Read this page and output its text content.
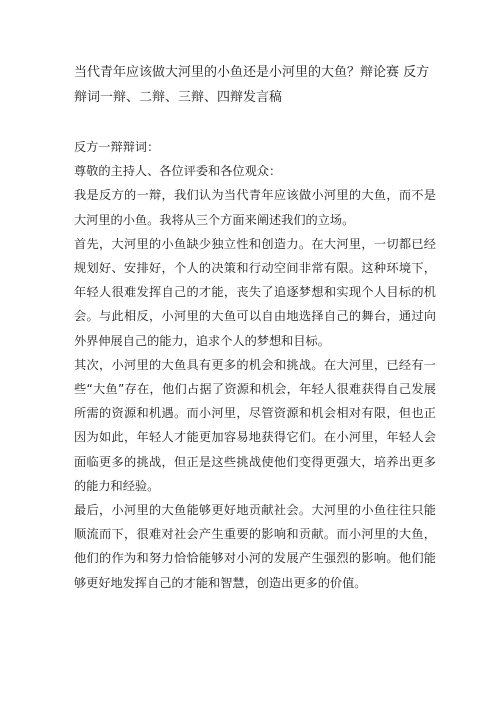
当代青年应该做大河里的小鱼还是小河里的大鱼？辩论赛 反方辩词一辩、二辩、三辩、四辩发言稿

反方一辩辩词：

尊敬的主持人、各位评委和各位观众：

我是反方的一辩，我们认为当代青年应该做小河里的大鱼，而不是大河里的小鱼。我将从三个方面来阐述我们的立场。

首先，大河里的小鱼缺少独立性和创造力。在大河里，一切都已经规划好、安排好，个人的决策和行动空间非常有限。这种环境下，年轻人很难发挥自己的才能，丧失了追逐梦想和实现个人目标的机会。与此相反，小河里的大鱼可以自由地选择自己的舞台，通过向外界伸展自己的能力，追求个人的梦想和目标。

其次，小河里的大鱼具有更多的机会和挑战。在大河里，已经有一些“大鱼”存在，他们占据了资源和机会，年轻人很难获得自己发展所需的资源和机遇。而小河里，尽管资源和机会相对有限，但也正因为如此，年轻人才能更加容易地获得它们。在小河里，年轻人会面临更多的挑战，但正是这些挑战使他们变得更强大，培养出更多的能力和经验。

最后，小河里的大鱼能够更好地贡献社会。大河里的小鱼往往只能顺流而下，很难对社会产生重要的影响和贡献。而小河里的大鱼，他们的作为和努力恰恰能够对小河的发展产生强烈的影响。他们能够更好地发挥自己的才能和智慧，创造出更多的价值。
